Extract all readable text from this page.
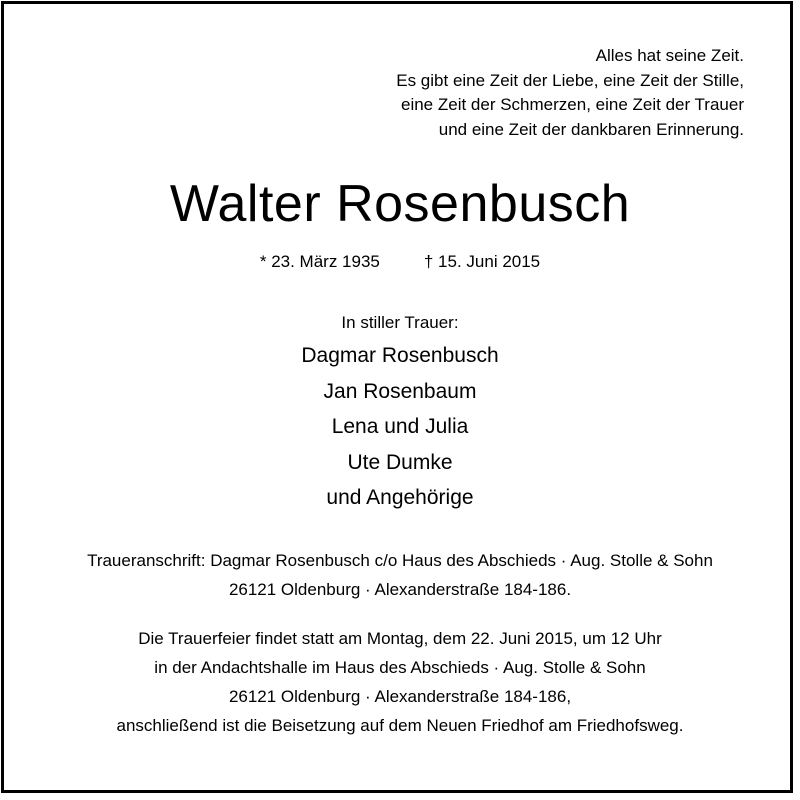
Alles hat seine Zeit.
Es gibt eine Zeit der Liebe, eine Zeit der Stille,
eine Zeit der Schmerzen, eine Zeit der Trauer
und eine Zeit der dankbaren Erinnerung.
Walter Rosenbusch
* 23. März 1935	† 15. Juni 2015
In stiller Trauer:
Dagmar Rosenbusch
Jan Rosenbaum
Lena und Julia
Ute Dumke
und Angehörige
Traueranschrift: Dagmar Rosenbusch c/o Haus des Abschieds · Aug. Stolle & Sohn
26121 Oldenburg · Alexanderstraße 184-186.
Die Trauerfeier findet statt am Montag, dem 22. Juni 2015, um 12 Uhr
in der Andachtshalle im Haus des Abschieds · Aug. Stolle & Sohn
26121 Oldenburg · Alexanderstraße 184-186,
anschließend ist die Beisetzung auf dem Neuen Friedhof am Friedhofsweg.
